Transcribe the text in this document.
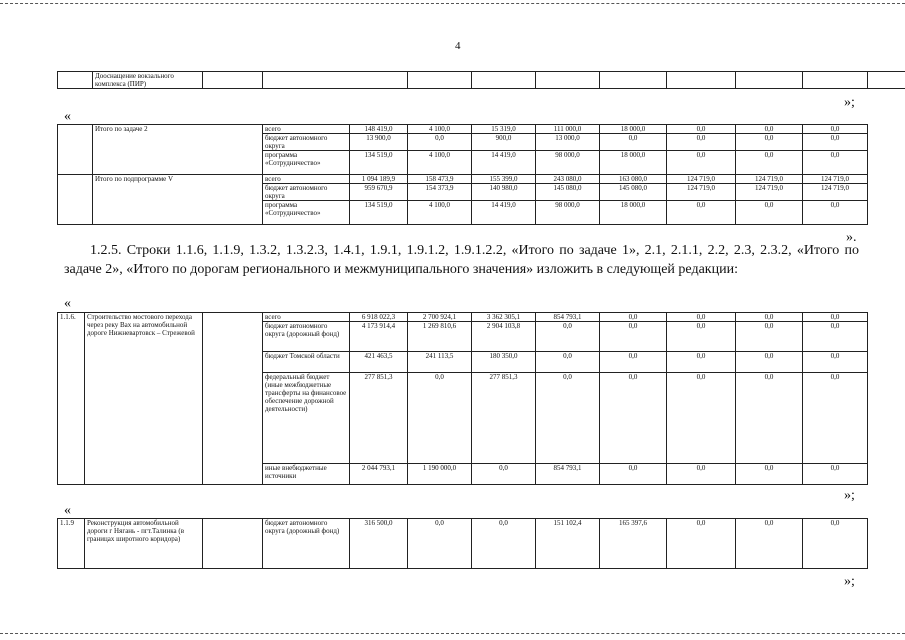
4
	Дооснащение вокзального комплекса (ПИР)										
»;
«
	Итого по задаче 2	всего	148 419,0	4 100,0	15 319,0	111 000,0	18 000,0	0,0	0,0	0,0
		бюджет автономного округа	13 900,0	0,0	900,0	13 000,0	0,0	0,0	0,0	0,0
		программа «Сотрудничество»	134 519,0	4 100,0	14 419,0	98 000,0	18 000,0	0,0	0,0	0,0
	Итого по подпрограмме V	всего	1 094 189,9	158 473,9	155 399,0	243 080,0	163 080,0	124 719,0	124 719,0	124 719,0
		бюджет автономного округа	959 670,9	154 373,9	140 980,0	145 080,0	145 080,0	124 719,0	124 719,0	124 719,0
		программа «Сотрудничество»	134 519,0	4 100,0	14 419,0	98 000,0	18 000,0	0,0	0,0	0,0
».
1.2.5. Строки 1.1.6, 1.1.9, 1.3.2, 1.3.2.3, 1.4.1, 1.9.1, 1.9.1.2, 1.9.1.2.2, «Итого по задаче 1», 2.1, 2.1.1, 2.2, 2.3, 2.3.2, «Итого по задаче 2», «Итого по дорогам регионального и межмуниципального значения» изложить в следующей редакции:
«
1.1.6.	Строительство мостового перехода через реку Вах на автомобильной дороге Нижневартовск – Стрежевой		всего	6 918 022,3	2 700 924,1	3 362 305,1	854 793,1	0,0	0,0	0,0	0,0
			бюджет автономного округа (дорожный фонд)	4 173 914,4	1 269 810,6	2 904 103,8	0,0	0,0	0,0	0,0	0,0
			бюджет Томской области	421 463,5	241 113,5	180 350,0	0,0	0,0	0,0	0,0	0,0
			федеральный бюджет (иные межбюджетные трансферты на финансовое обеспечение дорожной деятельности)	277 851,3	0,0	277 851,3	0,0	0,0	0,0	0,0	0,0
			иные внебюджетные источники	2 044 793,1	1 190 000,0	0,0	854 793,1	0,0	0,0	0,0	0,0
»;
«
1.1.9	Реконструкция автомобильной дороги г Нягань - пгт.Талинка (в границах широтного коридора)		бюджет автономного округа (дорожный фонд)	316 500,0	0,0	0,0	151 102,4	165 397,6	0,0	0,0	0,0
»;
